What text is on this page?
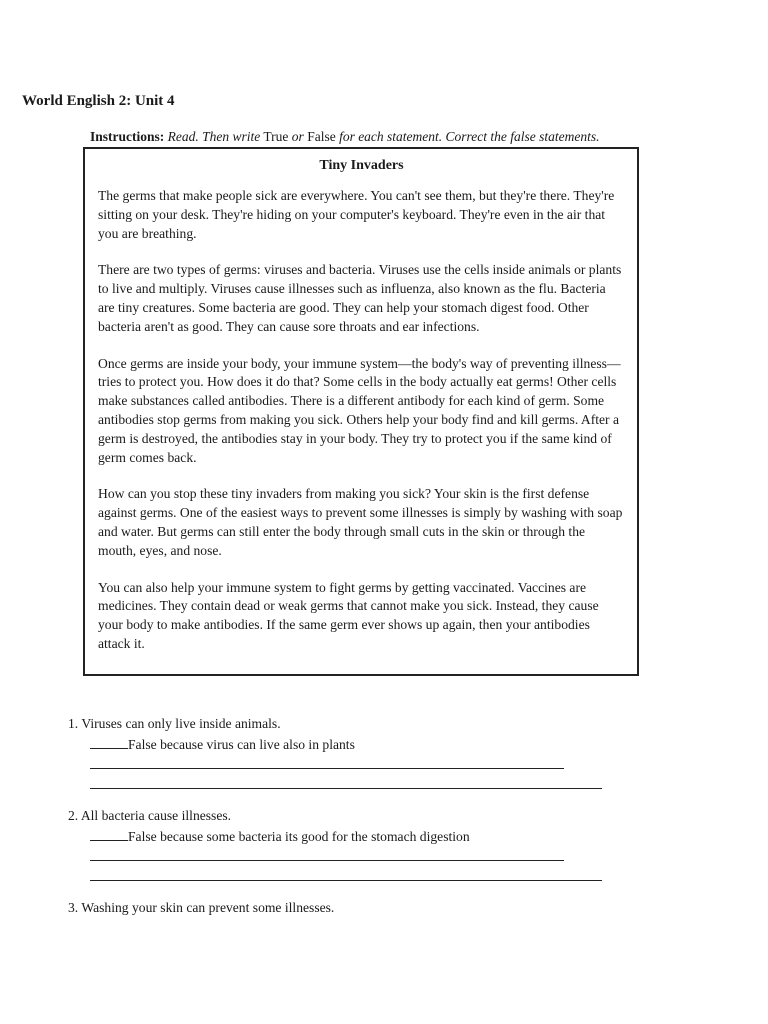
World English 2: Unit 4
Instructions: Read. Then write True or False for each statement. Correct the false statements.
Tiny Invaders

The germs that make people sick are everywhere. You can't see them, but they're there. They're sitting on your desk. They're hiding on your computer's keyboard. They're even in the air that you are breathing.

There are two types of germs: viruses and bacteria. Viruses use the cells inside animals or plants to live and multiply. Viruses cause illnesses such as influenza, also known as the flu. Bacteria are tiny creatures. Some bacteria are good. They can help your stomach digest food. Other bacteria aren't as good. They can cause sore throats and ear infections.

Once germs are inside your body, your immune system—the body's way of preventing illness—tries to protect you. How does it do that? Some cells in the body actually eat germs! Other cells make substances called antibodies. There is a different antibody for each kind of germ. Some antibodies stop germs from making you sick. Others help your body find and kill germs. After a germ is destroyed, the antibodies stay in your body. They try to protect you if the same kind of germ comes back.

How can you stop these tiny invaders from making you sick? Your skin is the first defense against germs. One of the easiest ways to prevent some illnesses is simply by washing with soap and water. But germs can still enter the body through small cuts in the skin or through the mouth, eyes, and nose.

You can also help your immune system to fight germs by getting vaccinated. Vaccines are medicines. They contain dead or weak germs that cannot make you sick. Instead, they cause your body to make antibodies. If the same germ ever shows up again, then your antibodies attack it.

1. Viruses can only live inside animals.
False because virus can live also in plants
2. All bacteria cause illnesses.
False because some bacteria its good for the stomach digestion
3. Washing your skin can prevent some illnesses.
